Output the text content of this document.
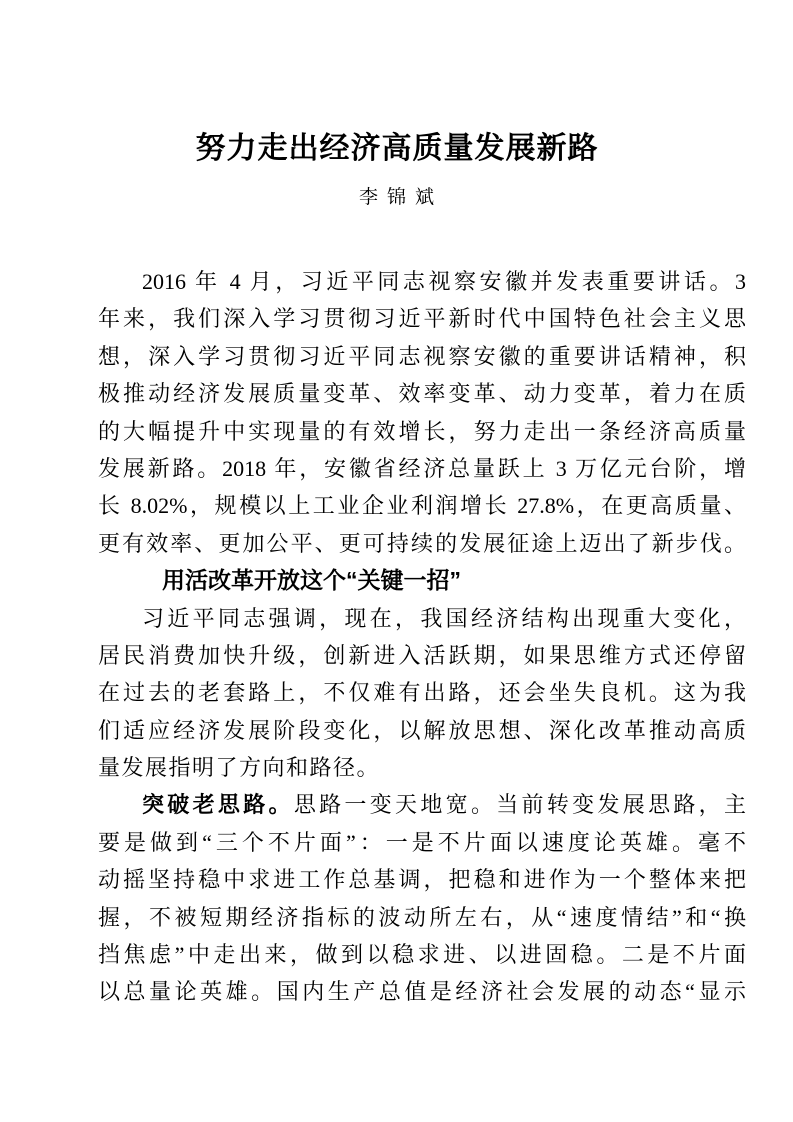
努力走出经济高质量发展新路
李锦斌
2016 年 4 月，习近平同志视察安徽并发表重要讲话。3
年来，我们深入学习贯彻习近平新时代中国特色社会主义思
想，深入学习贯彻习近平同志视察安徽的重要讲话精神，积
极推动经济发展质量变革、效率变革、动力变革，着力在质
的大幅提升中实现量的有效增长，努力走出一条经济高质量
发展新路。2018 年，安徽省经济总量跃上 3 万亿元台阶，增
长 8.02%，规模以上工业企业利润增长 27.8%，在更高质量、
更有效率、更加公平、更可持续的发展征途上迈出了新步伐。
用活改革开放这个“关键一招”
习近平同志强调，现在，我国经济结构出现重大变化，
居民消费加快升级，创新进入活跃期，如果思维方式还停留
在过去的老套路上，不仅难有出路，还会坐失良机。这为我
们适应经济发展阶段变化，以解放思想、深化改革推动高质
量发展指明了方向和路径。
突破老思路。思路一变天地宽。当前转变发展思路，主
要是做到“三个不片面”：一是不片面以速度论英雄。毫不
动摇坚持稳中求进工作总基调，把稳和进作为一个整体来把
握，不被短期经济指标的波动所左右，从“速度情结”和“换
挡焦虑”中走出来，做到以稳求进、以进固稳。二是不片面
以总量论英雄。国内生产总值是经济社会发展的动态“显示
